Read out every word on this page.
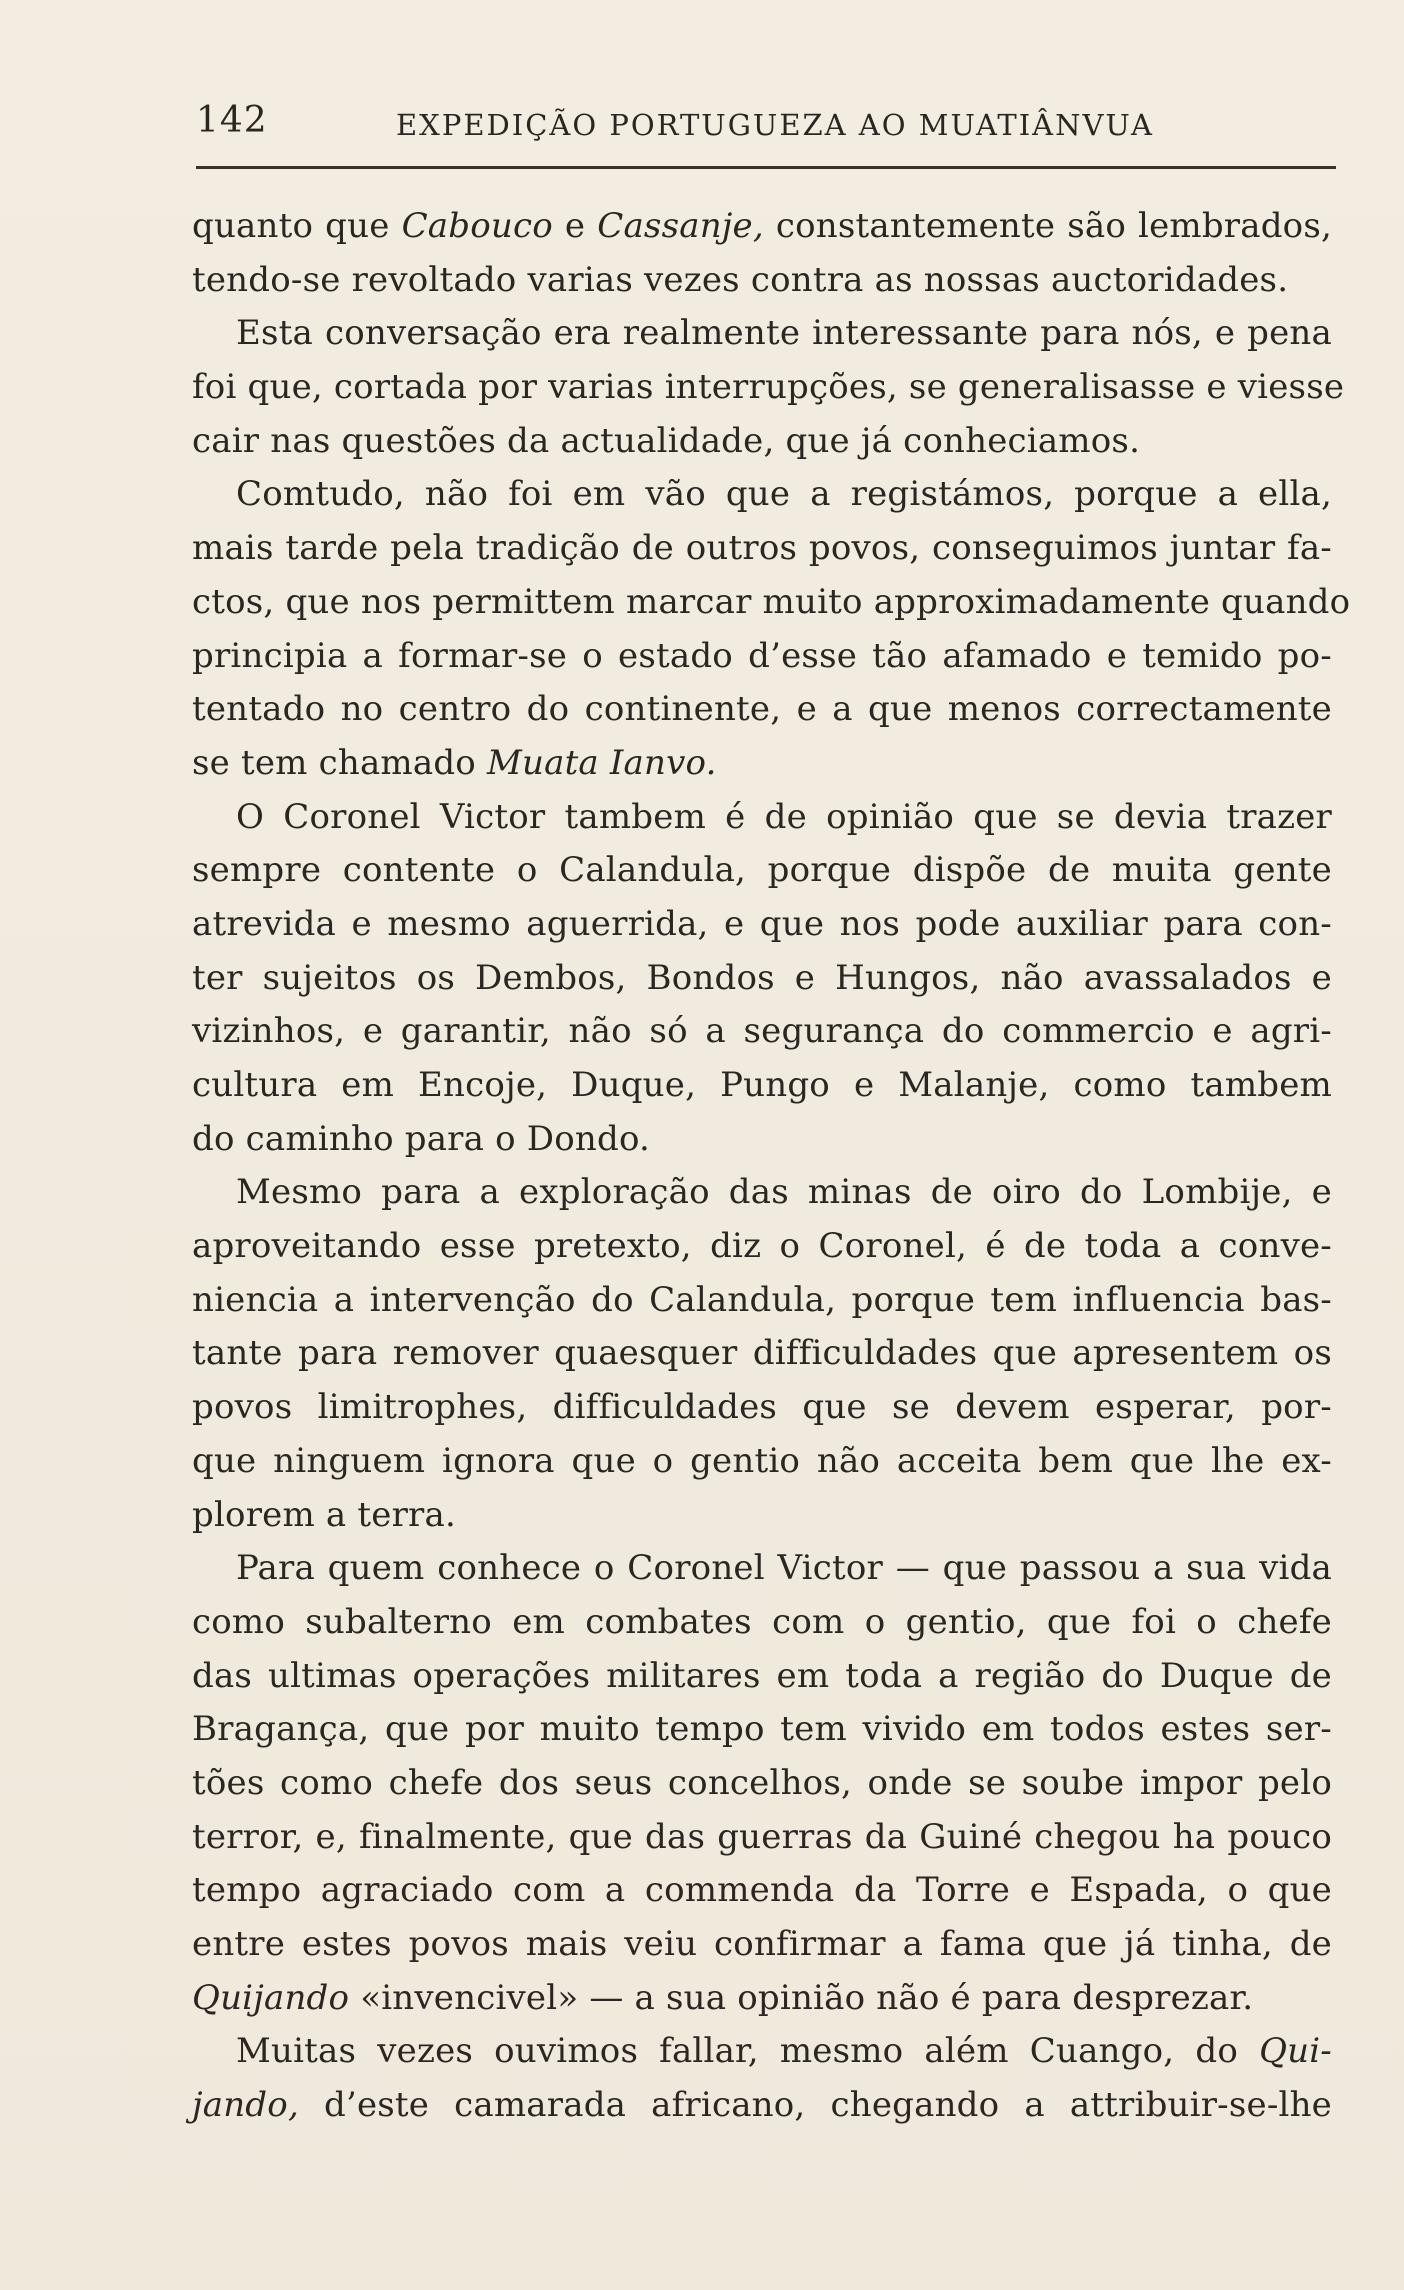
142	EXPEDIÇÃO PORTUGUEZA AO MUATIÂNVUA
quanto que Cabouco e Cassanje, constantemente são lembrados,
tendo-se revoltado varias vezes contra as nossas auctoridades.
Esta conversação era realmente interessante para nós, e pena
foi que, cortada por varias interrupções, se generalisasse e viesse
cair nas questões da actualidade, que já conheciamos.
Comtudo, não foi em vão que a registámos, porque a ella,
mais tarde pela tradição de outros povos, conseguimos juntar fa-
ctos, que nos permittem marcar muito approximadamente quando
principia a formar-se o estado d’esse tão afamado e temido po-
tentado no centro do continente, e a que menos correctamente
se tem chamado Muata Ianvo.
O Coronel Victor tambem é de opinião que se devia trazer
sempre contente o Calandula, porque dispõe de muita gente
atrevida e mesmo aguerrida, e que nos pode auxiliar para con-
ter sujeitos os Dembos, Bondos e Hungos, não avassalados e
vizinhos, e garantir, não só a segurança do commercio e agri-
cultura em Encoje, Duque, Pungo e Malanje, como tambem
do caminho para o Dondo.
Mesmo para a exploração das minas de oiro do Lombije, e
aproveitando esse pretexto, diz o Coronel, é de toda a conve-
niencia a intervenção do Calandula, porque tem influencia bas-
tante para remover quaesquer difficuldades que apresentem os
povos limitrophes, difficuldades que se devem esperar, por-
que ninguem ignora que o gentio não acceita bem que lhe ex-
plorem a terra.
Para quem conhece o Coronel Victor — que passou a sua vida
como subalterno em combates com o gentio, que foi o chefe
das ultimas operações militares em toda a região do Duque de
Bragança, que por muito tempo tem vivido em todos estes ser-
tões como chefe dos seus concelhos, onde se soube impor pelo
terror, e, finalmente, que das guerras da Guiné chegou ha pouco
tempo agraciado com a commenda da Torre e Espada, o que
entre estes povos mais veiu confirmar a fama que já tinha, de
Quijando «invencivel» — a sua opinião não é para desprezar.
Muitas vezes ouvimos fallar, mesmo além Cuango, do Qui-
jando, d’este camarada africano, chegando a attribuir-se-lhe
